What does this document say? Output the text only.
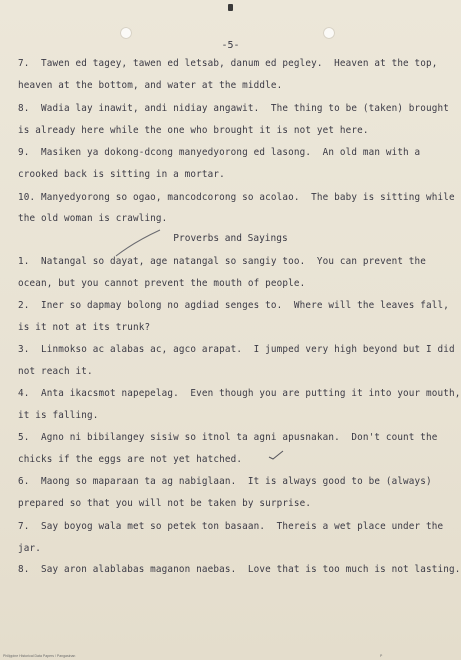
-5-
7.  Tawen ed tagey, tawen ed letsab, danum ed pegley.  Heaven at the top,
heaven at the bottom, and water at the middle.
8.  Wadia lay inawit, andi nidiay angawit.  The thing to be (taken) brought
is already here while the one who brought it is not yet here.
9.  Masiken ya dokong-dcong manyedyorong ed lasong.  An old man with a
crooked back is sitting in a mortar.
10. Manyedyorong so ogao, mancodcorong so acolao.  The baby is sitting while
the old woman is crawling.
Proverbs and Sayings
1.  Natangal so dayat, age natangal so sangiy too.  You can prevent the
ocean, but you cannot prevent the mouth of people.
2.  Iner so dapmay bolong no agdiad senges to.  Where will the leaves fall,
is it not at its trunk?
3.  Linmokso ac alabas ac, agco arapat.  I jumped very high beyond but I did
not reach it.
4.  Anta ikacsmot napepelag.  Even though you are putting it into your mouth,
it is falling.
5.  Agno ni bibilangey sisiw so itnol ta agni apusnakan.  Don't count the
chicks if the eggs are not yet hatched.
6.  Maong so maparaan ta ag nabiglaan.  It is always good to be (always)
prepared so that you will not be taken by surprise.
7.  Say boyog wala met so petek ton basaan.  Thereis a wet place under the
jar.
8.  Say aron alablabas maganon naebas.  Love that is too much is not lasting.
Philippine Historical Data Papers / Pangasinan	P
